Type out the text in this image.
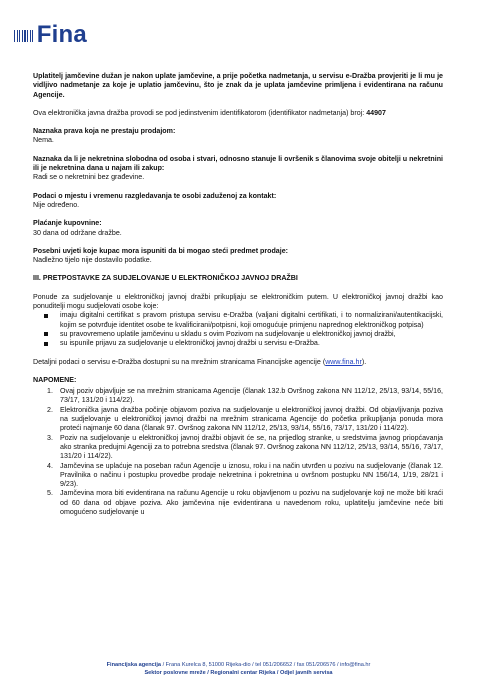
Fina

Uplatitelj jamčevine dužan je nakon uplate jamčevine, a prije početka nadmetanja, u servisu e-Dražba provjeriti je li mu je vidljivo nadmetanje za koje je uplatio jamčevinu, što je znak da je uplata jamčevine primljena i evidentirana na računu Agencije.

Ova elektronička javna dražba provodi se pod jedinstvenim identifikatorom (identifikator nadmetanja) broj: 44907

Naznaka prava koja ne prestaju prodajom:
Nema.

Naznaka da li je nekretnina slobodna od osoba i stvari, odnosno stanuje li ovršenik s članovima svoje obitelji u nekretnini ili je nekretnina dana u najam ili zakup:
Radi se o nekretnini bez građevine.

Podaci o mjestu i vremenu razgledavanja te osobi zaduženoj za kontakt:
Nije određeno.

Plaćanje kupovnine:
30 dana od održane dražbe.

Posebni uvjeti koje kupac mora ispuniti da bi mogao steći predmet prodaje:
Nadležno tijelo nije dostavilo podatke.

III. PRETPOSTAVKE ZA SUDJELOVANJE U ELEKTRONIČKOJ JAVNOJ DRAŽBI

Ponude za sudjelovanje u elektroničkoj javnoj dražbi prikupljaju se elektroničkim putem. U elektroničkoj javnoj dražbi kao ponuditelji mogu sudjelovati osobe koje:

imaju digitalni certifikat s pravom pristupa servisu e-Dražba (valjani digitalni certifikati, i to normalizirani/autentikacijski, kojim se potvrđuje identitet osobe te kvalificirani/potpisni, koji omogućuje primjenu naprednog elektroničkog potpisa)
su pravovremeno uplatile jamčevinu u skladu s ovim Pozivom na sudjelovanje u elektroničkoj javnoj dražbi,
su ispunile prijavu za sudjelovanje u elektroničkoj javnoj dražbi u servisu e-Dražba.

Detaljni podaci o servisu e-Dražba dostupni su na mrežnim stranicama Financijske agencije (www.fina.hr).

NAPOMENE:

1. Ovaj poziv objavljuje se na mrežnim stranicama Agencije (članak 132.b Ovršnog zakona NN 112/12, 25/13, 93/14, 55/16, 73/17, 131/20 i 114/22).
2. Elektronička javna dražba počinje objavom poziva na sudjelovanje u elektroničkoj javnoj dražbi. Od objavljivanja poziva na sudjelovanje u elektroničkoj javnoj dražbi na mrežnim stranicama Agencije do početka prikupljanja ponuda mora proteći najmanje 60 dana (članak 97. Ovršnog zakona NN 112/12, 25/13, 93/14, 55/16, 73/17, 131/20 i 114/22).
3. Poziv na sudjelovanje u elektroničkoj javnoj dražbi objavit će se, na prijedlog stranke, u sredstvima javnog priopćavanja ako stranka predujmi Agenciji za to potrebna sredstva (članak 97. Ovršnog zakona NN 112/12, 25/13, 93/14, 55/16, 73/17, 131/20 i 114/22).
4. Jamčevina se uplaćuje na poseban račun Agencije u iznosu, roku i na način utvrđen u pozivu na sudjelovanje (članak 12. Pravilnika o načinu i postupku provedbe prodaje nekretnina i pokretnina u ovršnom postupku NN 156/14, 1/19, 28/21 i 9/23).
5. Jamčevina mora biti evidentirana na računu Agencije u roku objavljenom u pozivu na sudjelovanje koji ne može biti kraći od 60 dana od objave poziva. Ako jamčevina nije evidentirana u navedenom roku, uplatitelju jamčevine neće biti omogućeno sudjelovanje u
Financijska agencija / Frana Kurelca 8, 51000 Rijeka-dio / tel 051/206652 / fax 051/206576 / info@fina.hr
Sektor poslovne mreže / Regionalni centar Rijeka / Odjel javnih servisa
